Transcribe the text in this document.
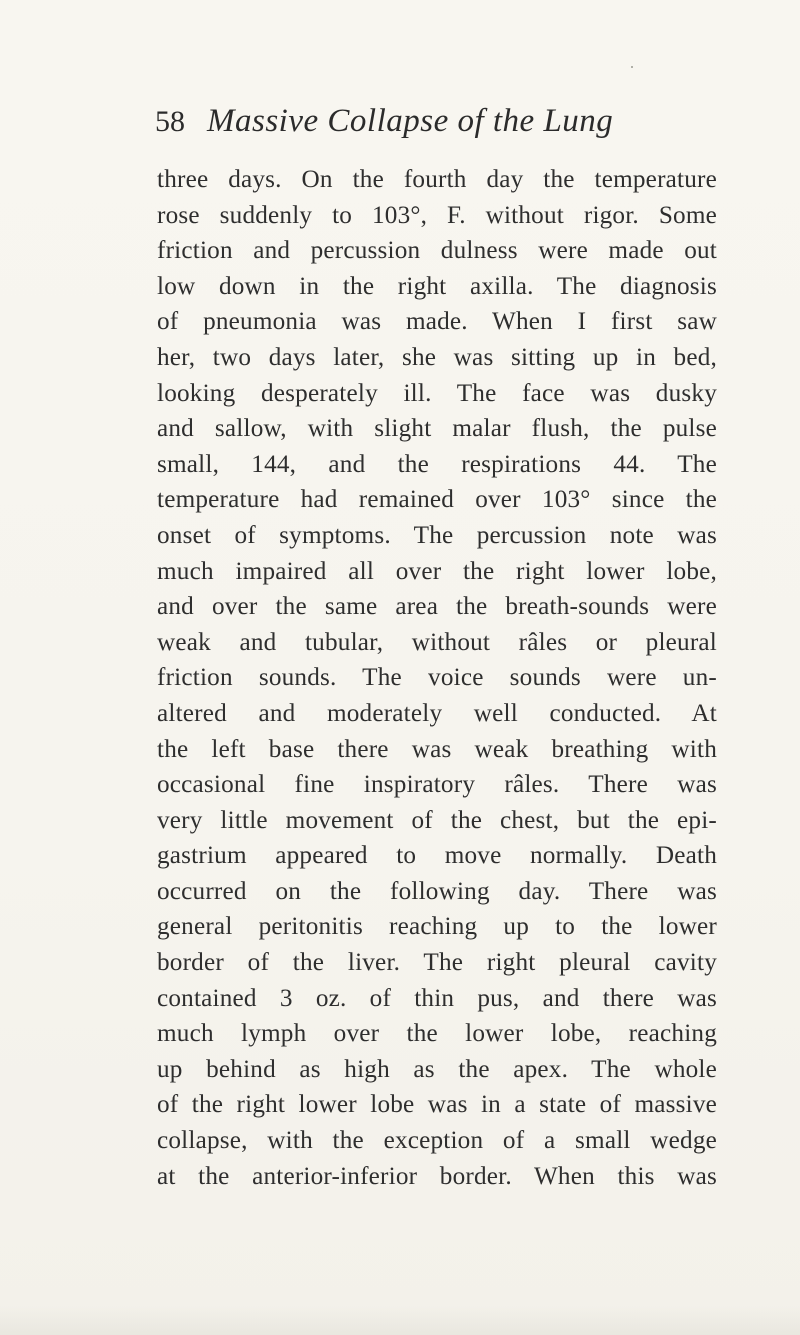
58 Massive Collapse of the Lung
three days. On the fourth day the temperature
rose suddenly to 103°, F. without rigor. Some
friction and percussion dulness were made out
low down in the right axilla. The diagnosis
of pneumonia was made. When I first saw
her, two days later, she was sitting up in bed,
looking desperately ill. The face was dusky
and sallow, with slight malar flush, the pulse
small, 144, and the respirations 44. The
temperature had remained over 103° since the
onset of symptoms. The percussion note was
much impaired all over the right lower lobe,
and over the same area the breath-sounds were
weak and tubular, without râles or pleural
friction sounds. The voice sounds were un-
altered and moderately well conducted. At
the left base there was weak breathing with
occasional fine inspiratory râles. There was
very little movement of the chest, but the epi-
gastrium appeared to move normally. Death
occurred on the following day. There was
general peritonitis reaching up to the lower
border of the liver. The right pleural cavity
contained 3 oz. of thin pus, and there was
much lymph over the lower lobe, reaching
up behind as high as the apex. The whole
of the right lower lobe was in a state of massive
collapse, with the exception of a small wedge
at the anterior-inferior border. When this was
